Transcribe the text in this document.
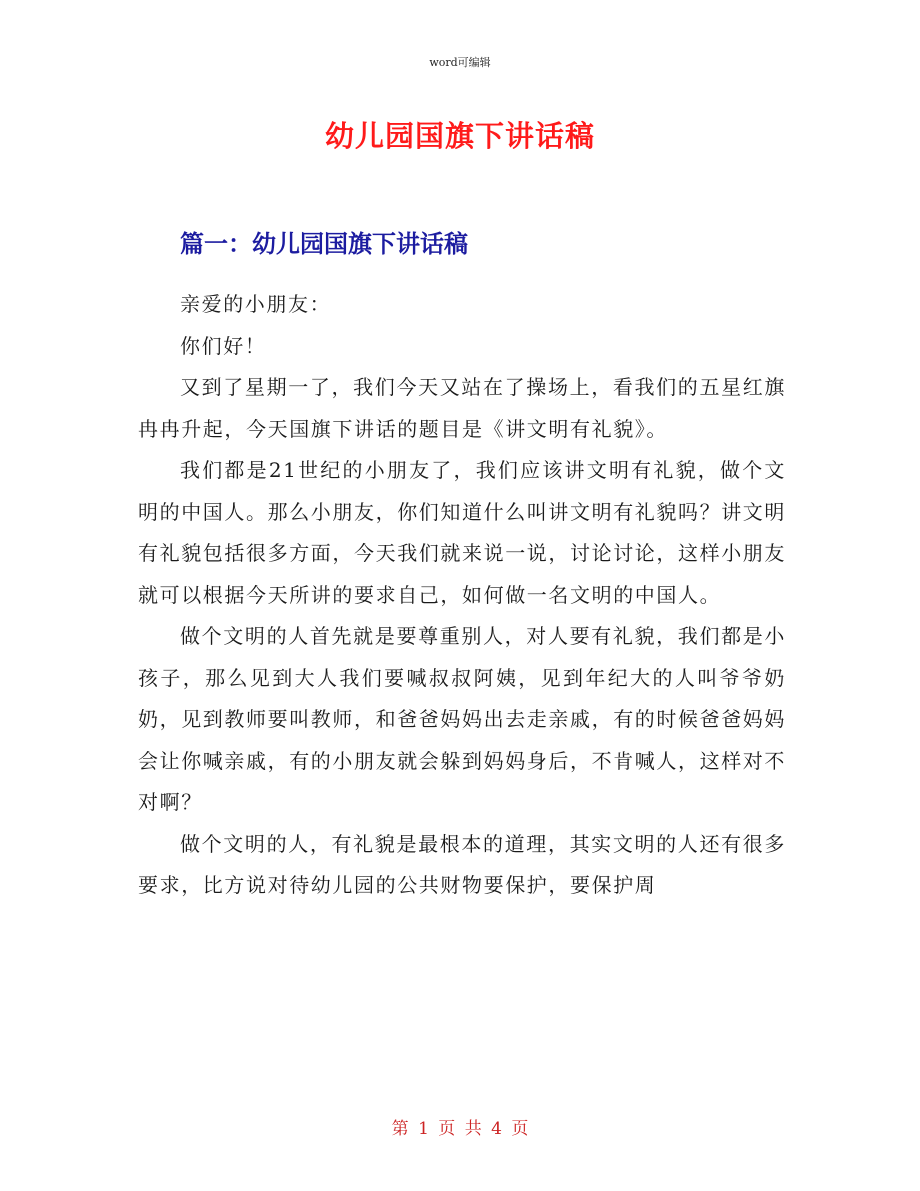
word可编辑
幼儿园国旗下讲话稿
篇一：幼儿园国旗下讲话稿

亲爱的小朋友：

你们好！

又到了星期一了，我们今天又站在了操场上，看我们的五星红旗冉冉升起，今天国旗下讲话的题目是《讲文明有礼貌》。

我们都是21世纪的小朋友了，我们应该讲文明有礼貌，做个文明的中国人。那么小朋友，你们知道什么叫讲文明有礼貌吗？讲文明有礼貌包括很多方面，今天我们就来说一说，讨论讨论，这样小朋友就可以根据今天所讲的要求自己，如何做一名文明的中国人。

做个文明的人首先就是要尊重别人，对人要有礼貌，我们都是小孩子，那么见到大人我们要喊叔叔阿姨，见到年纪大的人叫爷爷奶奶，见到教师要叫教师，和爸爸妈妈出去走亲戚，有的时候爸爸妈妈会让你喊亲戚，有的小朋友就会躲到妈妈身后，不肯喊人，这样对不对啊？

做个文明的人，有礼貌是最根本的道理，其实文明的人还有很多要求，比方说对待幼儿园的公共财物要保护，要保护周

第 1 页 共 4 页
